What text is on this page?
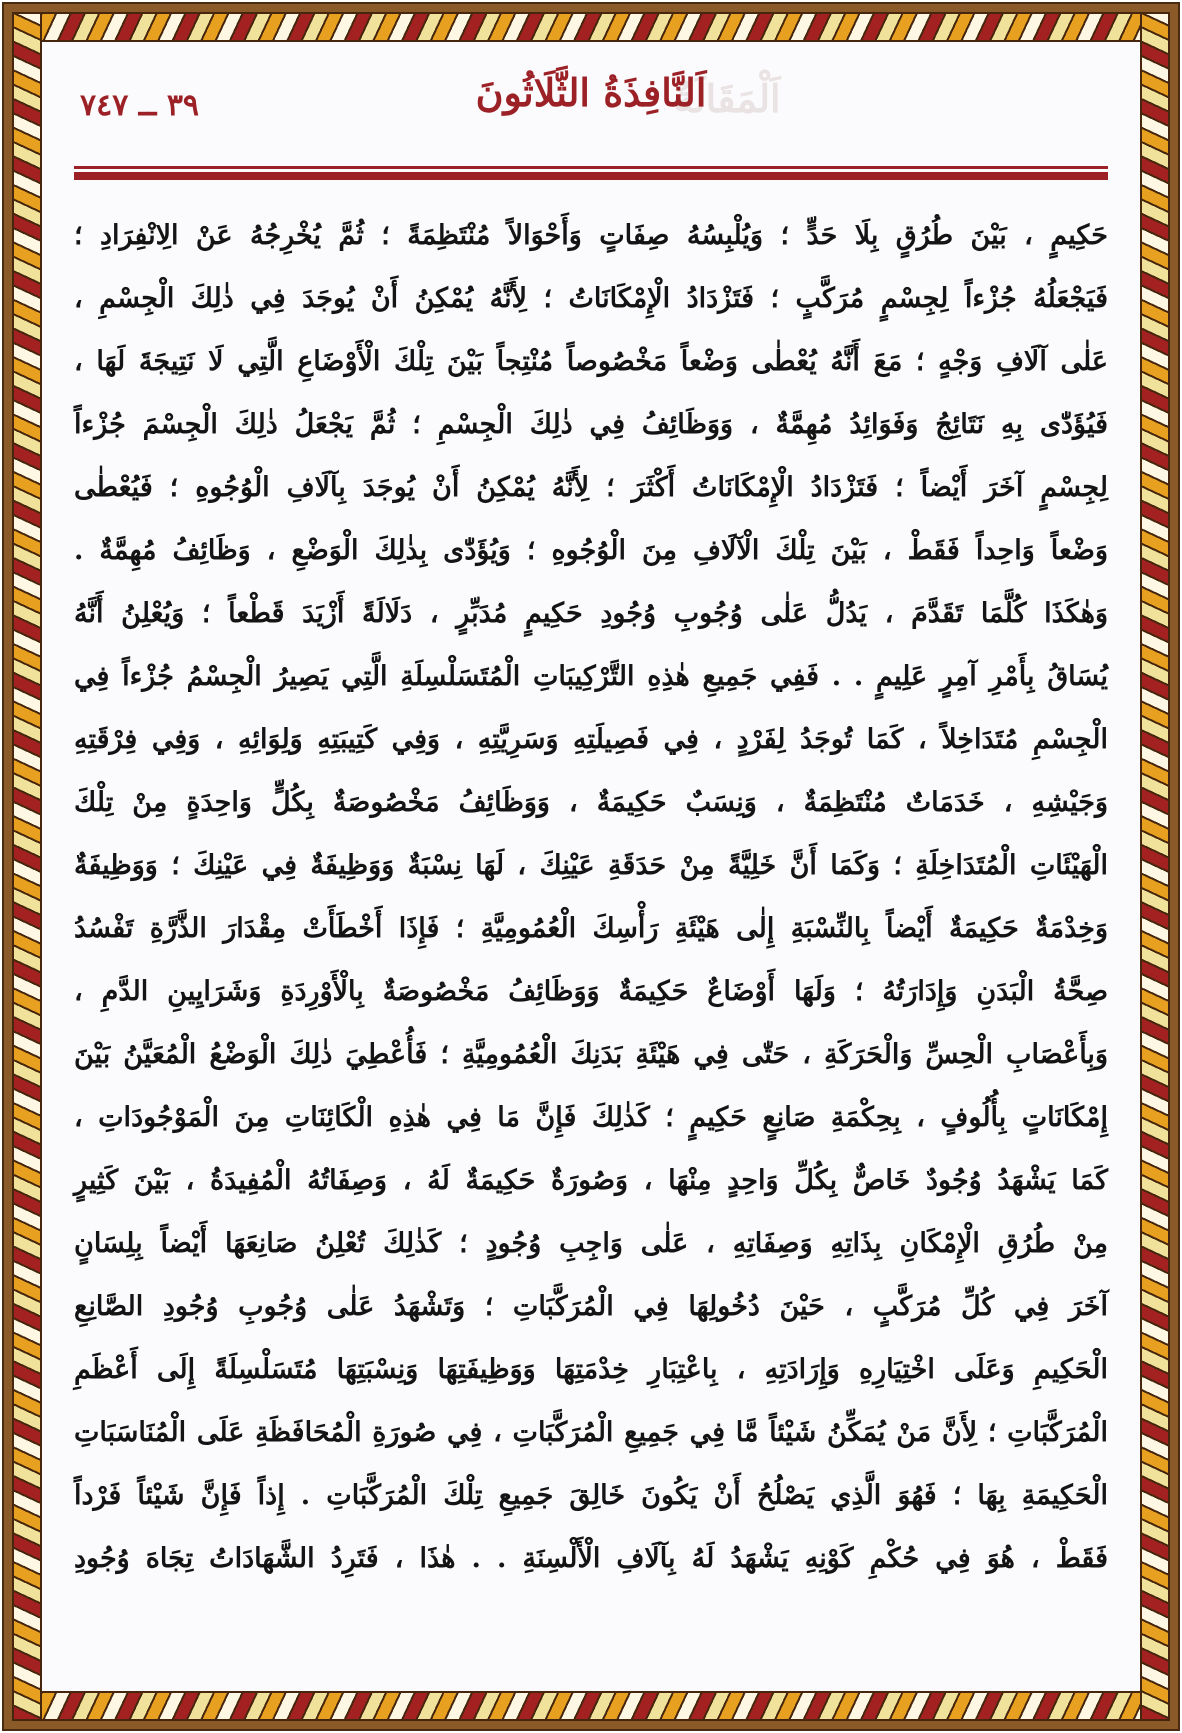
٣٩ ــ ٧٤٧	اَلْمَقَالَةُ
اَلنَّافِذَةُ الثَّلَاثُونَ
حَكِيمٍ ، بَيْنَ طُرُقٍ بِلَا حَدٍّ ؛ وَيُلْبِسُهُ صِفَاتٍ وَأَحْوَالاً مُنْتَظِمَةً ؛ ثُمَّ يُخْرِجُهُ عَنْ الِانْفِرَادِ ؛
فَيَجْعَلُهُ جُزْءاً لِجِسْمٍ مُرَكَّبٍ ؛ فَتَزْدَادُ الْإِمْكَانَاتُ ؛ لِأَنَّهُ يُمْكِنُ أَنْ يُوجَدَ فِي ذٰلِكَ الْجِسْمِ ،
عَلٰى آلَافِ وَجْهٍ ؛ مَعَ أَنَّهُ يُعْطٰى وَضْعاً مَخْصُوصاً مُنْتِجاً بَيْنَ تِلْكَ الْأَوْضَاعِ الَّتِي لَا نَتِيجَةَ لَهَا ،
فَيُؤَدّٰى بِهِ نَتَائِجُ وَفَوَائِدُ مُهِمَّةٌ ، وَوَظَائِفُ فِي ذٰلِكَ الْجِسْمِ ؛ ثُمَّ يَجْعَلُ ذٰلِكَ الْجِسْمَ جُزْءاً
لِجِسْمٍ آخَرَ أَيْضاً ؛ فَتَزْدَادُ الْإِمْكَانَاتُ أَكْثَرَ ؛ لِأَنَّهُ يُمْكِنُ أَنْ يُوجَدَ بِآلَافِ الْوُجُوهِ ؛ فَيُعْطٰى
وَضْعاً وَاحِداً فَقَطْ ، بَيْنَ تِلْكَ الْآلَافِ مِنَ الْوُجُوهِ ؛ وَيُؤَدّٰى بِذٰلِكَ الْوَضْعِ ، وَظَائِفُ مُهِمَّةٌ .
وَهٰكَذَا كُلَّمَا تَقَدَّمَ ، يَدُلُّ عَلٰى وُجُوبِ وُجُودِ حَكِيمٍ مُدَبِّرٍ ، دَلَالَةً أَزْيَدَ قَطْعاً ؛ وَيُعْلِنُ أَنَّهُ
يُسَاقُ بِأَمْرِ آمِرٍ عَلِيمٍ . . فَفِي جَمِيعِ هٰذِهِ التَّرْكِيبَاتِ الْمُتَسَلْسِلَةِ الَّتِي يَصِيرُ الْجِسْمُ جُزْءاً فِي
الْجِسْمِ مُتَدَاخِلاً ، كَمَا تُوجَدُ لِفَرْدٍ ، فِي فَصِيلَتِهِ وَسَرِيَّتِهِ ، وَفِي كَتِيبَتِهِ وَلِوَائِهِ ، وَفِي فِرْقَتِهِ
وَجَيْشِهِ ، خَدَمَاتٌ مُنْتَظِمَةٌ ، وَنِسَبٌ حَكِيمَةٌ ، وَوَظَائِفُ مَخْصُوصَةٌ بِكُلٍّ وَاحِدَةٍ مِنْ تِلْكَ
الْهَيْئَاتِ الْمُتَدَاخِلَةِ ؛ وَكَمَا أَنَّ خَلِيَّةً مِنْ حَدَقَةِ عَيْنِكَ ، لَهَا نِسْبَةٌ وَوَظِيفَةٌ فِي عَيْنِكَ ؛ وَوَظِيفَةٌ
وَخِدْمَةٌ حَكِيمَةٌ أَيْضاً بِالنِّسْبَةِ إِلٰى هَيْئَةِ رَأْسِكَ الْعُمُومِيَّةِ ؛ فَإِذَا أَخْطَأَتْ مِقْدَارَ الذَّرَّةِ تَفْسُدُ
صِحَّةُ الْبَدَنِ وَإِدَارَتُهُ ؛ وَلَهَا أَوْضَاعٌ حَكِيمَةٌ وَوَظَائِفُ مَخْصُوصَةٌ بِالْأَوْرِدَةِ وَشَرَايِينِ الدَّمِ ،
وَبِأَعْصَابِ الْحِسِّ وَالْحَرَكَةِ ، حَتّٰى فِي هَيْئَةِ بَدَنِكَ الْعُمُومِيَّةِ ؛ فَأُعْطِيَ ذٰلِكَ الْوَضْعُ الْمُعَيَّنُ بَيْنَ
إِمْكَانَاتٍ بِأُلُوفٍ ، بِحِكْمَةِ صَانِعٍ حَكِيمٍ ؛ كَذٰلِكَ فَإِنَّ مَا فِي هٰذِهِ الْكَائِنَاتِ مِنَ الْمَوْجُودَاتِ ،
كَمَا يَشْهَدُ وُجُودٌ خَاصٌّ بِكُلِّ وَاحِدٍ مِنْهَا ، وَصُورَةٌ حَكِيمَةٌ لَهُ ، وَصِفَاتُهُ الْمُفِيدَةُ ، بَيْنَ كَثِيرٍ
مِنْ طُرُقِ الْإِمْكَانِ بِذَاتِهِ وَصِفَاتِهِ ، عَلٰى وَاجِبِ وُجُودٍ ؛ كَذٰلِكَ تُعْلِنُ صَانِعَهَا أَيْضاً بِلِسَانٍ
آخَرَ فِي كُلِّ مُرَكَّبٍ ، حَيْنَ دُخُولِهَا فِي الْمُرَكَّبَاتِ ؛ وَتَشْهَدُ عَلٰى وُجُوبِ وُجُودِ الصَّانِعِ
الْحَكِيمِ وَعَلَى اخْتِيَارِهِ وَإِرَادَتِهِ ، بِاعْتِبَارِ خِدْمَتِهَا وَوَظِيفَتِهَا وَنِسْبَتِهَا مُتَسَلْسِلَةً إِلَى أَعْظَمِ
الْمُرَكَّبَاتِ ؛ لِأَنَّ مَنْ يُمَكِّنُ شَيْئاً مَّا فِي جَمِيعِ الْمُرَكَّبَاتِ ، فِي صُورَةِ الْمُحَافَظَةِ عَلَى الْمُنَاسَبَاتِ
الْحَكِيمَةِ بِهَا ؛ فَهُوَ الَّذِي يَصْلُحُ أَنْ يَكُونَ خَالِقَ جَمِيعِ تِلْكَ الْمُرَكَّبَاتِ . إِذاً فَإِنَّ شَيْئاً فَرْداً
فَقَطْ ، هُوَ فِي حُكْمِ كَوْنِهِ يَشْهَدُ لَهُ بِآلَافِ الْأَلْسِنَةِ . . هٰذَا ، فَتَرِدُ الشَّهَادَاتُ تِجَاهَ وُجُودِ
